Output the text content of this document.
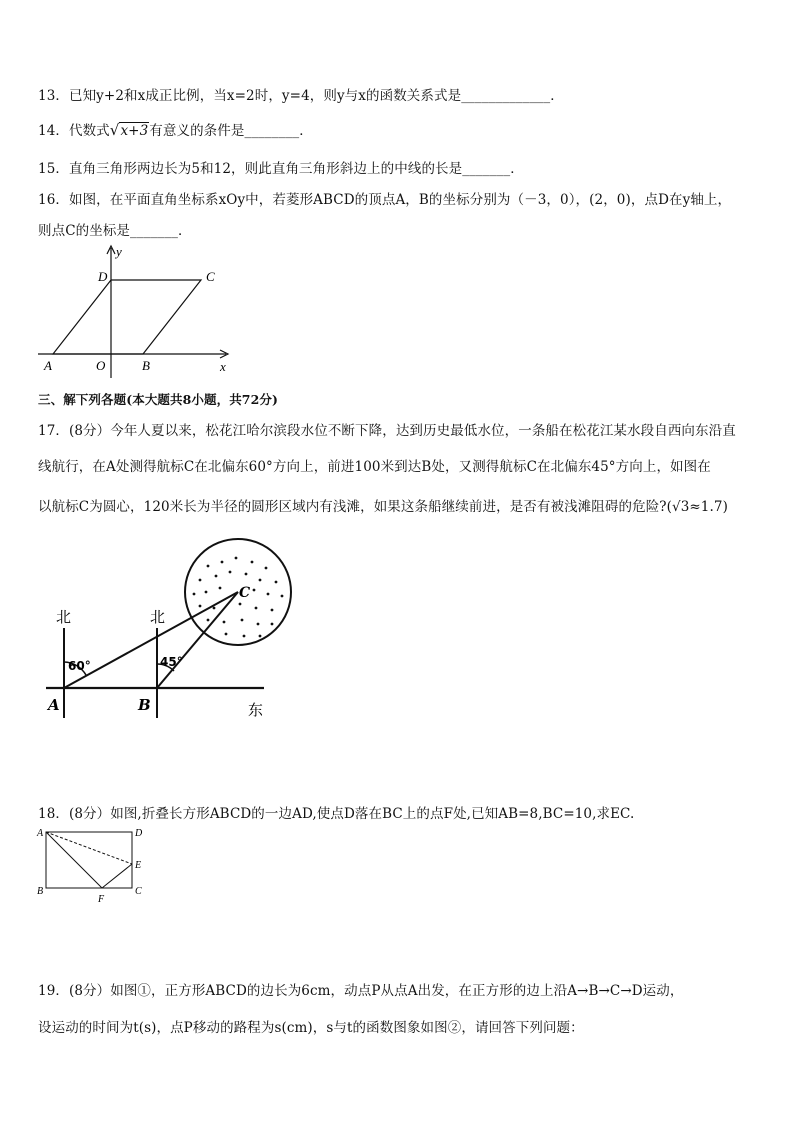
13．已知y+2和x成正比例，当x=2时，y=4，则y与x的函数关系式是_____________．
14．代数式√x+3有意义的条件是________．
15．直角三角形两边长为5和12，则此直角三角形斜边上的中线的长是_______．
16．如图，在平面直角坐标系xOy中，若菱形ABCD的顶点A，B的坐标分别为（－3，0），(2，0)，点D在y轴上，
则点C的坐标是_______．
y
x
D	C
A	O	B
三、解下列各题(本大题共8小题，共72分)
17．(8分）今年人夏以来，松花江哈尔滨段水位不断下降，达到历史最低水位，一条船在松花江某水段自西向东沿直
线航行，在A处测得航标C在北偏东60°方向上，前进100米到达B处，又测得航标C在北偏东45°方向上，如图在
以航标C为圆心，120米长为半径的圆形区域内有浅滩，如果这条船继续前进，是否有被浅滩阻碍的危险?(√3≈1.7)
北	北
东
60°	45°
A	B
C
18．(8分）如图,折叠长方形ABCD的一边AD,使点D落在BC上的点F处,已知AB=8,BC=10,求EC.
A	D
E
B
F
C
19．(8分）如图①，正方形ABCD的边长为6cm，动点P从点A出发，在正方形的边上沿A→B→C→D运动，
设运动的时间为t(s)，点P移动的路程为s(cm)，s与t的函数图象如图②，请回答下列问题：
